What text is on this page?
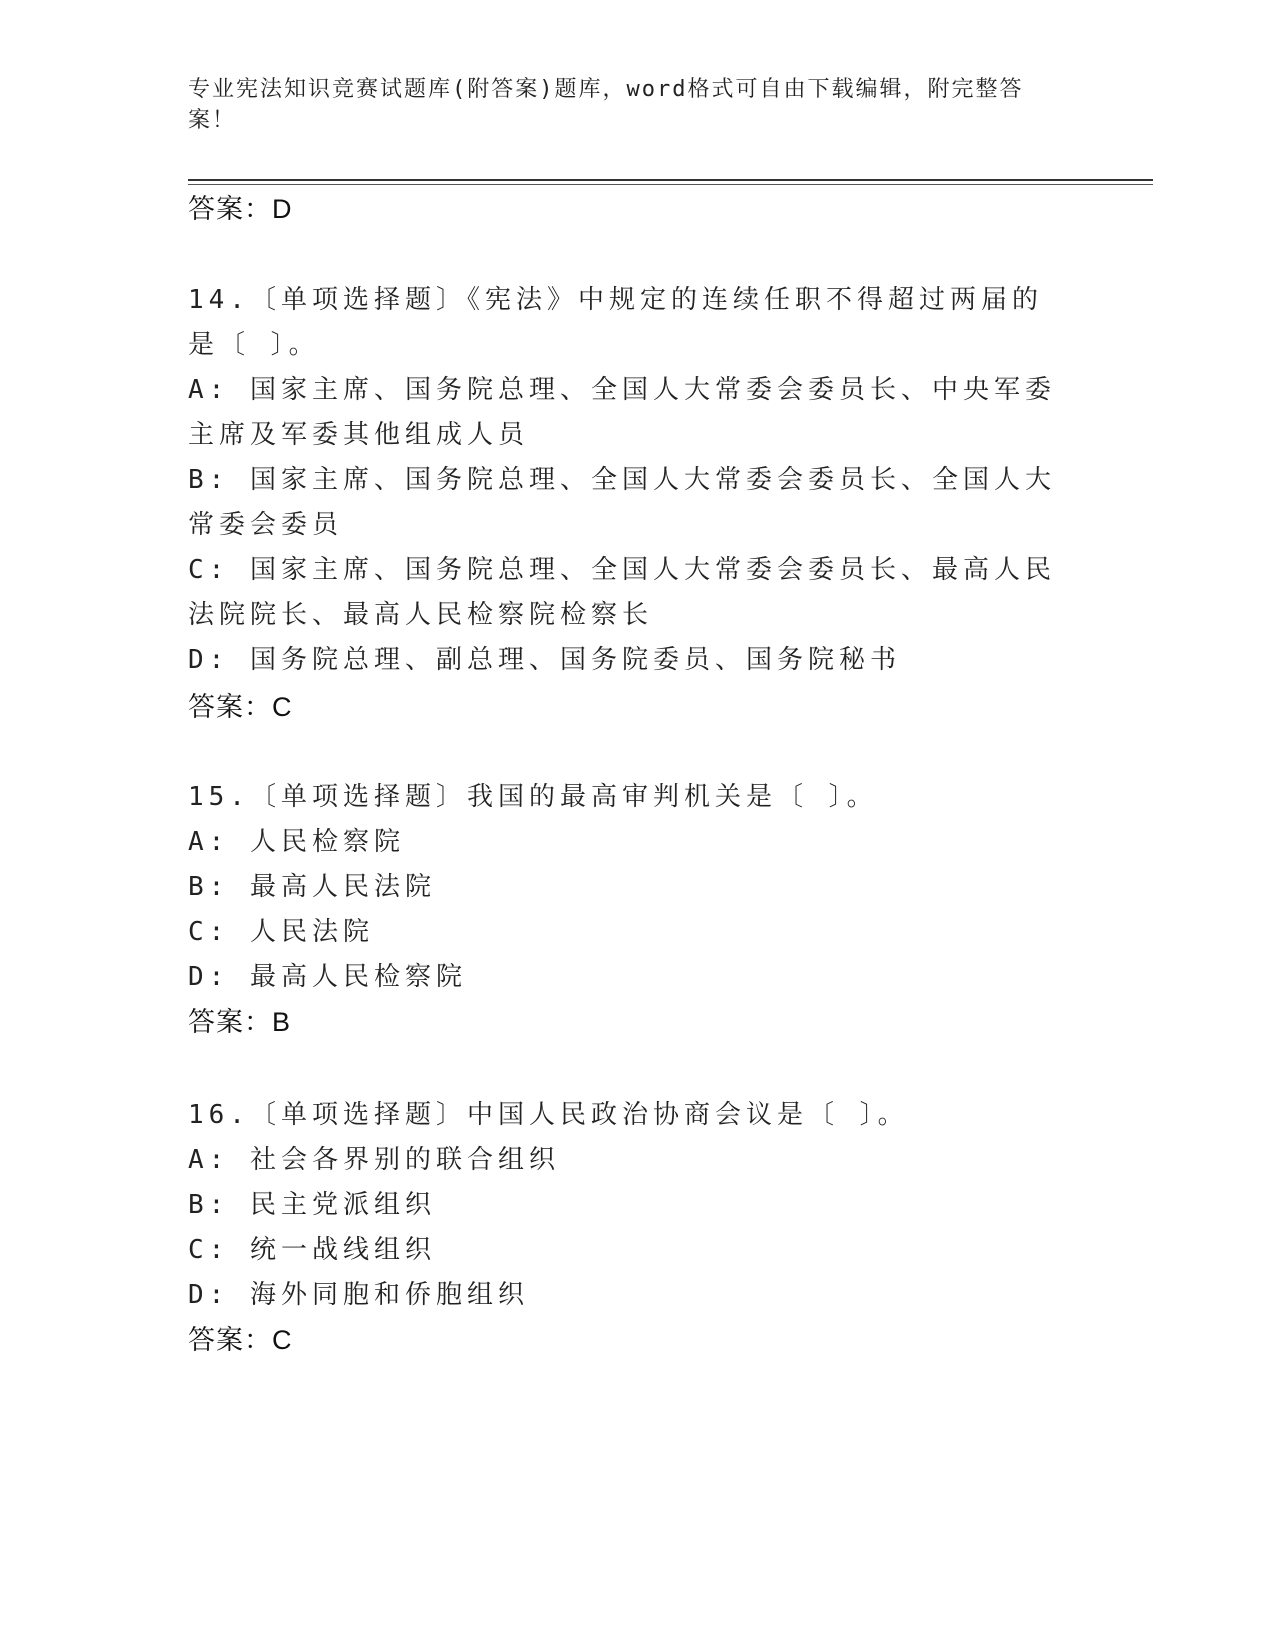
专业宪法知识竞赛试题库(附答案)题库，word格式可自由下载编辑，附完整答案！
答案：D

14.〔单项选择题〕《宪法》中规定的连续任职不得超过两届的是〔 〕。

A: 国家主席、国务院总理、全国人大常委会委员长、中央军委主席及军委其他组成人员

B: 国家主席、国务院总理、全国人大常委会委员长、全国人大常委会委员

C: 国家主席、国务院总理、全国人大常委会委员长、最高人民法院院长、最高人民检察院检察长

D: 国务院总理、副总理、国务院委员、国务院秘书

答案：C

15.〔单项选择题〕我国的最高审判机关是〔 〕。

A: 人民检察院

B: 最高人民法院

C: 人民法院

D: 最高人民检察院

答案：B

16.〔单项选择题〕中国人民政治协商会议是〔 〕。

A: 社会各界别的联合组织

B: 民主党派组织

C: 统一战线组织

D: 海外同胞和侨胞组织

答案：C
